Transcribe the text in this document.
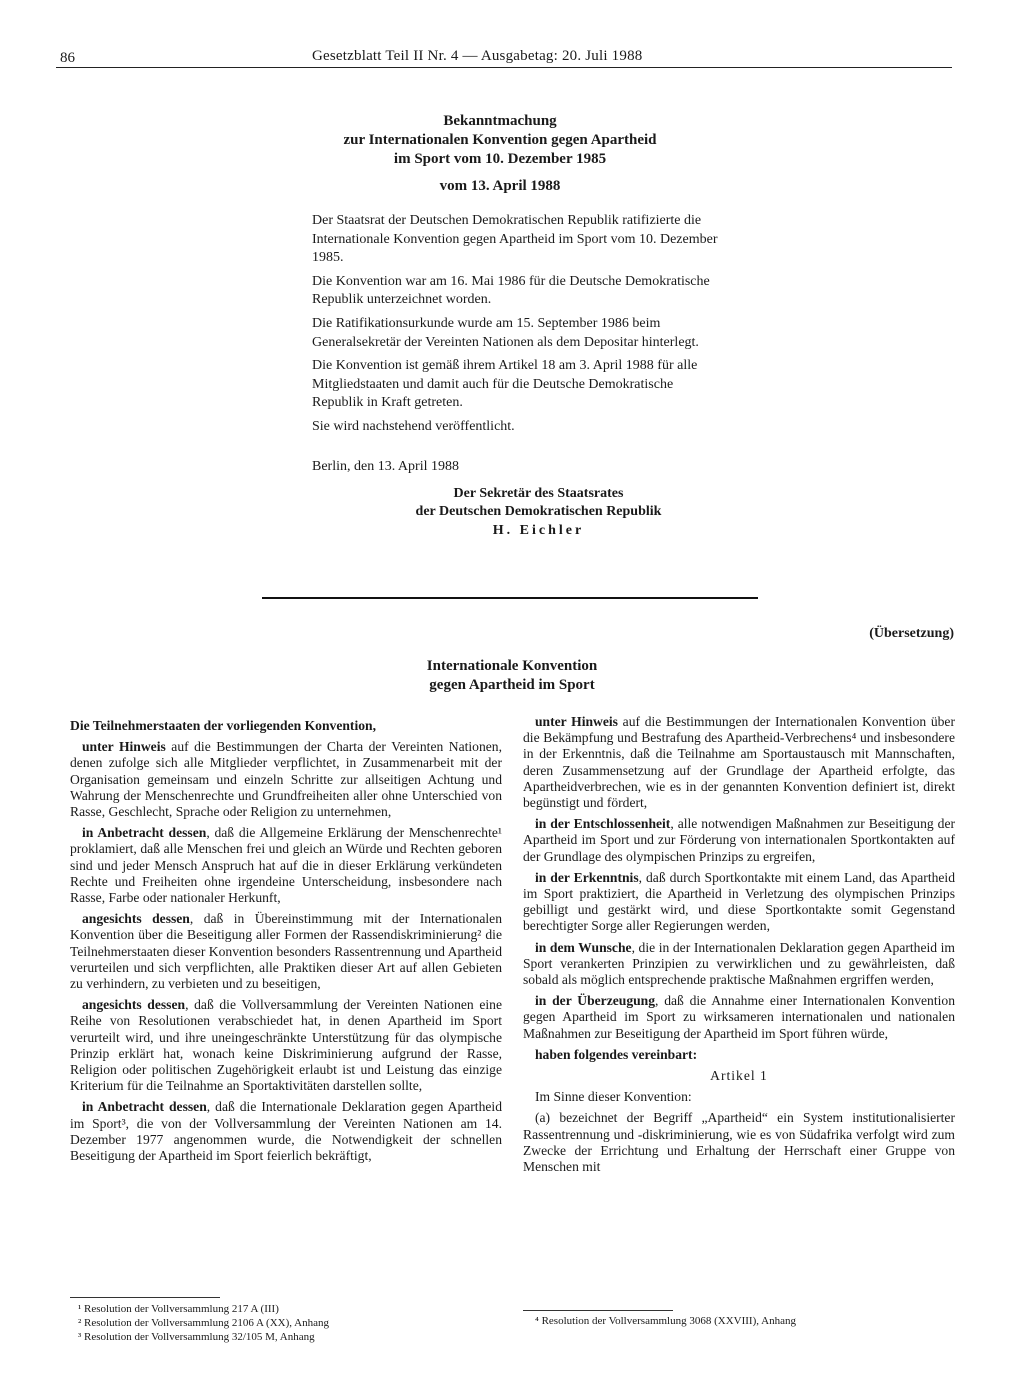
86	Gesetzblatt Teil II Nr. 4 — Ausgabetag: 20. Juli 1988
Bekanntmachung
zur Internationalen Konvention gegen Apartheid
im Sport vom 10. Dezember 1985
vom 13. April 1988

Der Staatsrat der Deutschen Demokratischen Republik ratifizierte die Internationale Konvention gegen Apartheid im Sport vom 10. Dezember 1985.

Die Konvention war am 16. Mai 1986 für die Deutsche Demokratische Republik unterzeichnet worden.

Die Ratifikationsurkunde wurde am 15. September 1986 beim Generalsekretär der Vereinten Nationen als dem Depositar hinterlegt.

Die Konvention ist gemäß ihrem Artikel 18 am 3. April 1988 für alle Mitgliedstaaten und damit auch für die Deutsche Demokratische Republik in Kraft getreten.

Sie wird nachstehend veröffentlicht.

Berlin, den 13. April 1988
Der Sekretär des Staatsrates
der Deutschen Demokratischen Republik
H. Eichler
(Übersetzung)
Internationale Konvention
gegen Apartheid im Sport

Die Teilnehmerstaaten der vorliegenden Konvention,

unter Hinweis auf die Bestimmungen der Charta der Vereinten Nationen, denen zufolge sich alle Mitglieder verpflichtet, in Zusammenarbeit mit der Organisation gemeinsam und einzeln Schritte zur allseitigen Achtung und Wahrung der Menschenrechte und Grundfreiheiten aller ohne Unterschied von Rasse, Geschlecht, Sprache oder Religion zu unternehmen,

in Anbetracht dessen, daß die Allgemeine Erklärung der Menschenrechte¹ proklamiert, daß alle Menschen frei und gleich an Würde und Rechten geboren sind und jeder Mensch Anspruch hat auf die in dieser Erklärung verkündeten Rechte und Freiheiten ohne irgendeine Unterscheidung, insbesondere nach Rasse, Farbe oder nationaler Herkunft,

angesichts dessen, daß in Übereinstimmung mit der Internationalen Konvention über die Beseitigung aller Formen der Rassendiskriminierung² die Teilnehmerstaaten dieser Konvention besonders Rassentrennung und Apartheid verurteilen und sich verpflichten, alle Praktiken dieser Art auf allen Gebieten zu verhindern, zu verbieten und zu beseitigen,

angesichts dessen, daß die Vollversammlung der Vereinten Nationen eine Reihe von Resolutionen verabschiedet hat, in denen Apartheid im Sport verurteilt wird, und ihre uneingeschränkte Unterstützung für das olympische Prinzip erklärt hat, wonach keine Diskriminierung aufgrund der Rasse, Religion oder politischen Zugehörigkeit erlaubt ist und Leistung das einzige Kriterium für die Teilnahme an Sportaktivitäten darstellen sollte,

in Anbetracht dessen, daß die Internationale Deklaration gegen Apartheid im Sport³, die von der Vollversammlung der Vereinten Nationen am 14. Dezember 1977 angenommen wurde, die Notwendigkeit der schnellen Beseitigung der Apartheid im Sport feierlich bekräftigt,

unter Hinweis auf die Bestimmungen der Internationalen Konvention über die Bekämpfung und Bestrafung des Apartheid-Verbrechens⁴ und insbesondere in der Erkenntnis, daß die Teilnahme am Sportaustausch mit Mannschaften, deren Zusammensetzung auf der Grundlage der Apartheid erfolgte, das Apartheidverbrechen, wie es in der genannten Konvention definiert ist, direkt begünstigt und fördert,

in der Entschlossenheit, alle notwendigen Maßnahmen zur Beseitigung der Apartheid im Sport und zur Förderung von internationalen Sportkontakten auf der Grundlage des olympischen Prinzips zu ergreifen,

in der Erkenntnis, daß durch Sportkontakte mit einem Land, das Apartheid im Sport praktiziert, die Apartheid in Verletzung des olympischen Prinzips gebilligt und gestärkt wird, und diese Sportkontakte somit Gegenstand berechtigter Sorge aller Regierungen werden,

in dem Wunsche, die in der Internationalen Deklaration gegen Apartheid im Sport verankerten Prinzipien zu verwirklichen und zu gewährleisten, daß sobald als möglich entsprechende praktische Maßnahmen ergriffen werden,

in der Überzeugung, daß die Annahme einer Internationalen Konvention gegen Apartheid im Sport zu wirksameren internationalen und nationalen Maßnahmen zur Beseitigung der Apartheid im Sport führen würde,

haben folgendes vereinbart:

Artikel 1

Im Sinne dieser Konvention:

(a) bezeichnet der Begriff „Apartheid“ ein System institutionalisierter Rassentrennung und -diskriminierung, wie es von Südafrika verfolgt wird zum Zwecke der Errichtung und Erhaltung der Herrschaft einer Gruppe von Menschen mit

¹ Resolution der Vollversammlung 217 A (III)

² Resolution der Vollversammlung 2106 A (XX), Anhang

³ Resolution der Vollversammlung 32/105 M, Anhang

⁴ Resolution der Vollversammlung 3068 (XXVIII), Anhang
